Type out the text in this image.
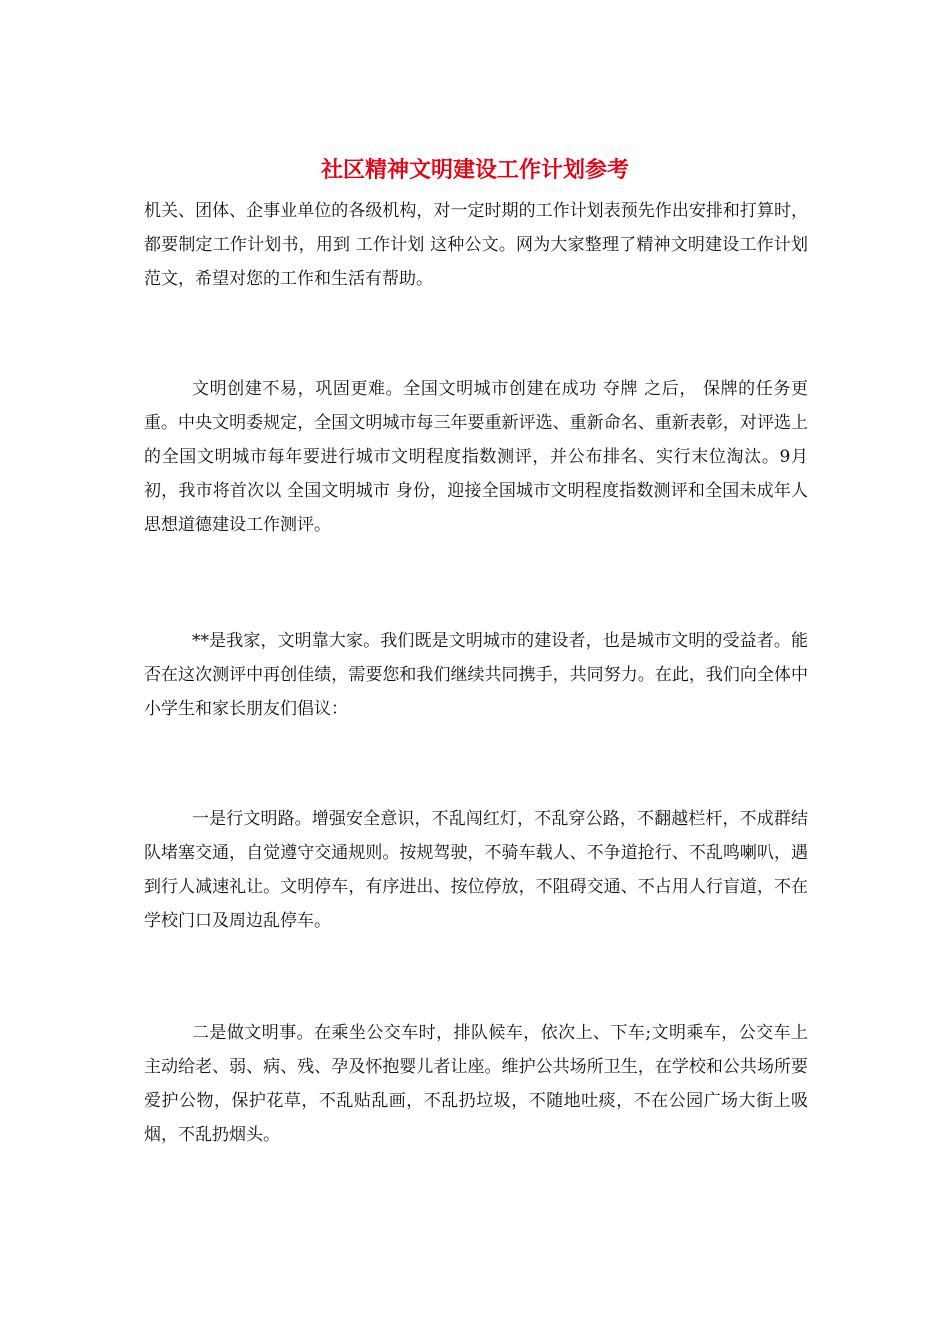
社区精神文明建设工作计划参考

机关、团体、企事业单位的各级机构，对一定时期的工作计划表预先作出安排和打算时，都要制定工作计划书，用到 工作计划 这种公文。网为大家整理了精神文明建设工作计划范文，希望对您的工作和生活有帮助。

文明创建不易，巩固更难。全国文明城市创建在成功 夺牌 之后， 保牌的任务更重。中央文明委规定，全国文明城市每三年要重新评选、重新命名、重新表彰，对评选上的全国文明城市每年要进行城市文明程度指数测评，并公布排名、实行末位淘汰。9月初，我市将首次以 全国文明城市 身份，迎接全国城市文明程度指数测评和全国未成年人思想道德建设工作测评。

**是我家，文明靠大家。我们既是文明城市的建设者，也是城市文明的受益者。能否在这次测评中再创佳绩，需要您和我们继续共同携手，共同努力。在此，我们向全体中小学生和家长朋友们倡议：

一是行文明路。增强安全意识，不乱闯红灯，不乱穿公路，不翻越栏杆，不成群结队堵塞交通，自觉遵守交通规则。按规驾驶，不骑车载人、不争道抢行、不乱鸣喇叭，遇到行人减速礼让。文明停车，有序进出、按位停放，不阻碍交通、不占用人行盲道，不在学校门口及周边乱停车。

二是做文明事。在乘坐公交车时，排队候车，依次上、下车;文明乘车，公交车上主动给老、弱、病、残、孕及怀抱婴儿者让座。维护公共场所卫生，在学校和公共场所要爱护公物，保护花草，不乱贴乱画，不乱扔垃圾，不随地吐痰，不在公园广场大街上吸烟，不乱扔烟头。
